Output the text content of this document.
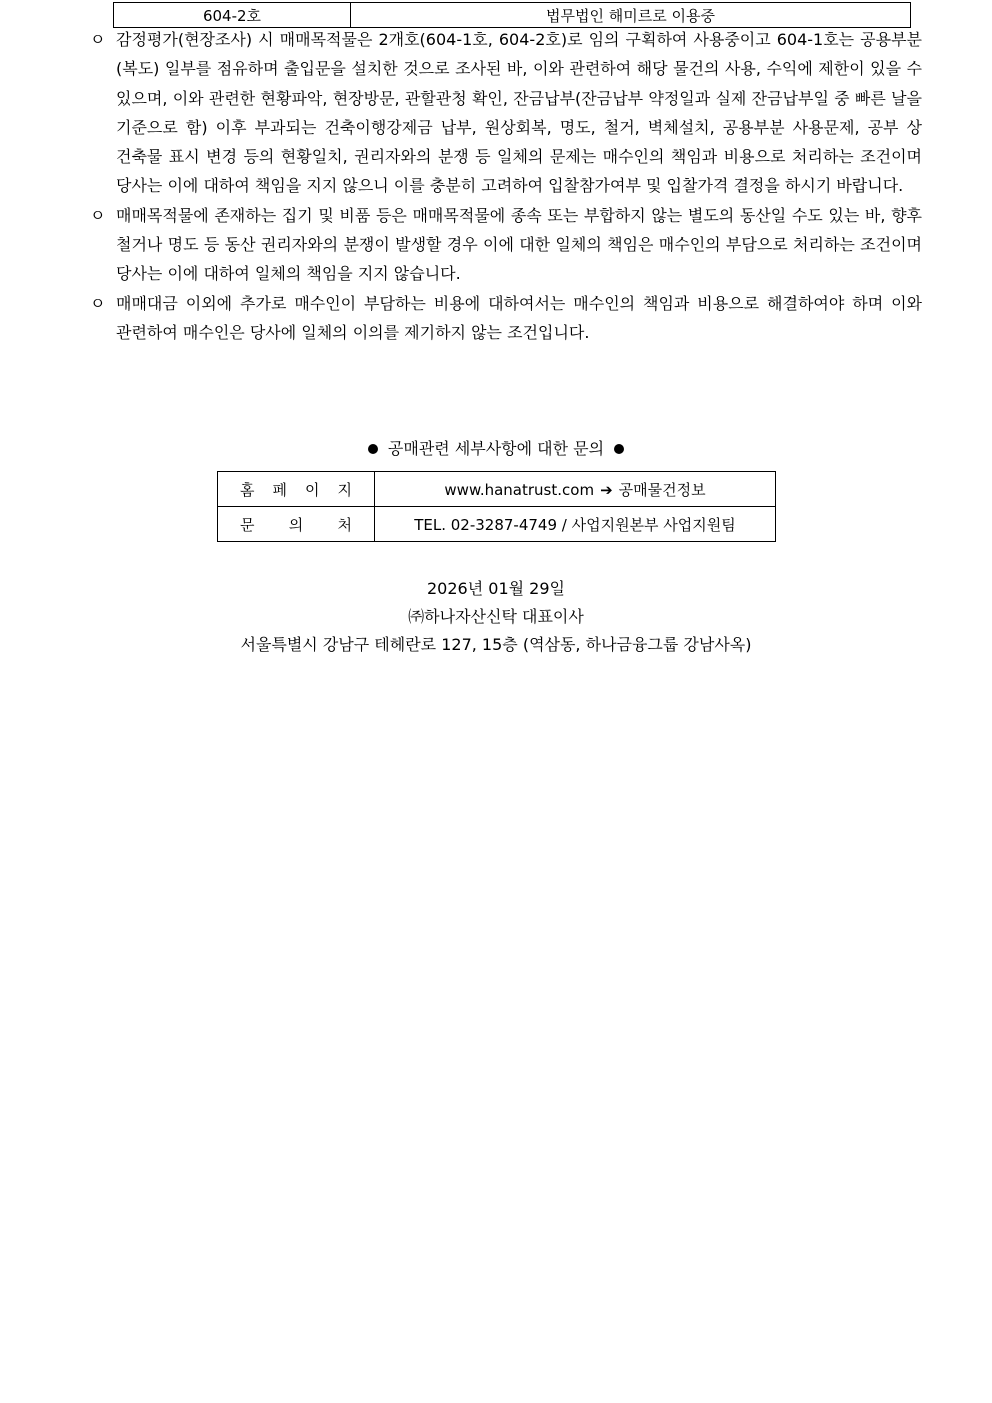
604-2호	법무법인 해미르로 이용중
ㅇ 감정평가(현장조사) 시 매매목적물은 2개호(604-1호, 604-2호)로 임의 구획하여 사용중이고 604-1호는 공용부분(복도) 일부를 점유하며 출입문을 설치한 것으로 조사된 바, 이와 관련하여 해당 물건의 사용, 수익에 제한이 있을 수 있으며, 이와 관련한 현황파악, 현장방문, 관할관청 확인, 잔금납부(잔금납부 약정일과 실제 잔금납부일 중 빠른 날을 기준으로 함) 이후 부과되는 건축이행강제금 납부, 원상회복, 명도, 철거, 벽체설치, 공용부분 사용문제, 공부 상 건축물 표시 변경 등의 현황일치, 권리자와의 분쟁 등 일체의 문제는 매수인의 책임과 비용으로 처리하는 조건이며 당사는 이에 대하여 책임을 지지 않으니 이를 충분히 고려하여 입찰참가여부 및 입찰가격 결정을 하시기 바랍니다.
ㅇ 매매목적물에 존재하는 집기 및 비품 등은 매매목적물에 종속 또는 부합하지 않는 별도의 동산일 수도 있는 바, 향후 철거나 명도 등 동산 권리자와의 분쟁이 발생할 경우 이에 대한 일체의 책임은 매수인의 부담으로 처리하는 조건이며 당사는 이에 대하여 일체의 책임을 지지 않습니다.
ㅇ 매매대금 이외에 추가로 매수인이 부담하는 비용에 대하여서는 매수인의 책임과 비용으로 해결하여야 하며 이와 관련하여 매수인은 당사에 일체의 이의를 제기하지 않는 조건입니다.
공매관련 세부사항에 대한 문의
홈 페 이 지	www.hanatrust.com ➔ 공매물건정보

문 의 처	TEL. 02-3287-4749 / 사업지원본부 사업지원팀
2026년 01월 29일
㈜하나자산신탁 대표이사
서울특별시 강남구 테헤란로 127, 15층 (역삼동, 하나금융그룹 강남사옥)
